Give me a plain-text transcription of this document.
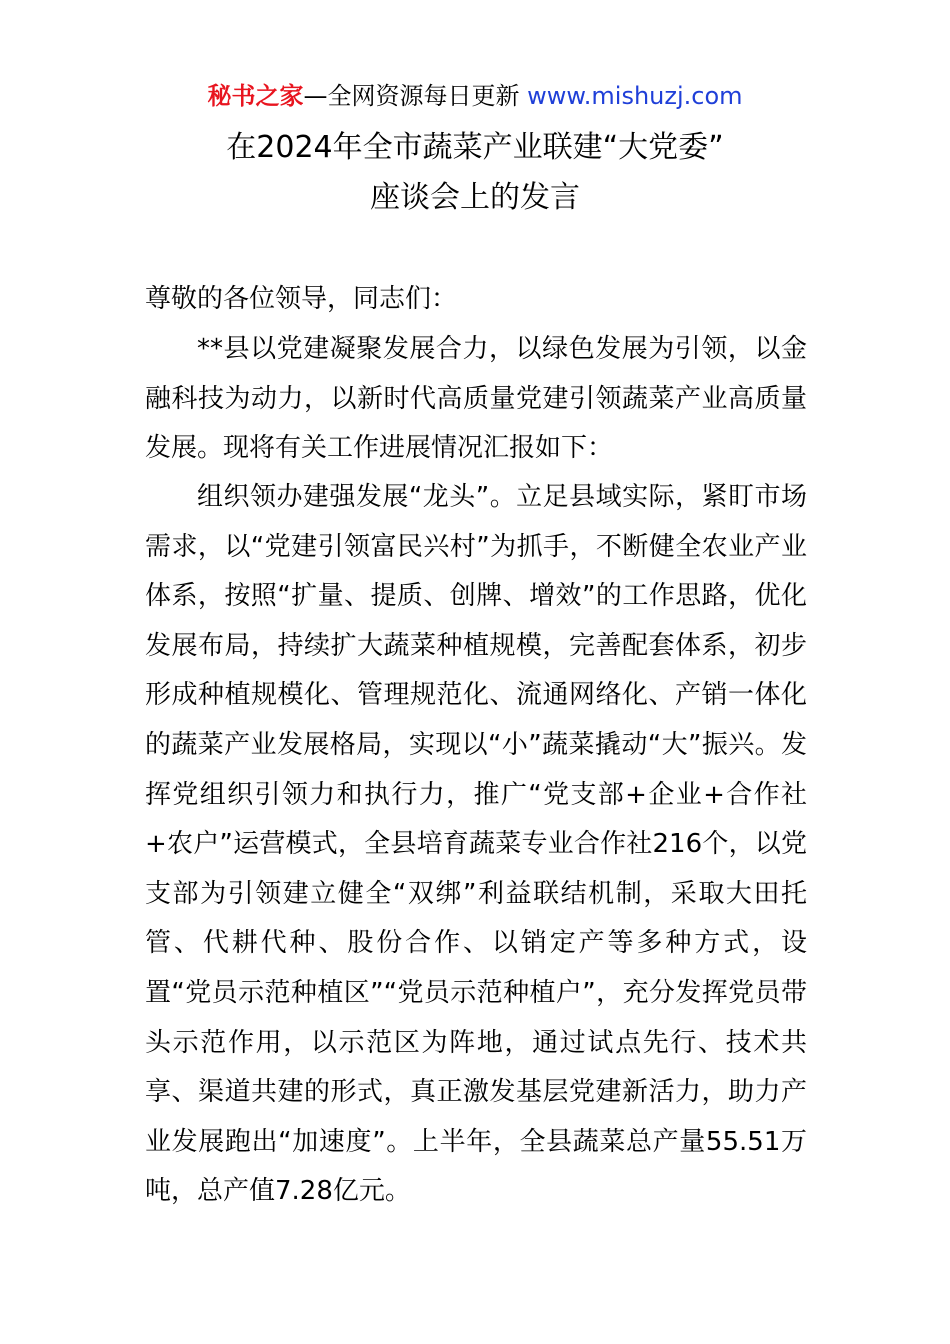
秘书之家—全网资源每日更新 www.mishuzj.com
在2024年全市蔬菜产业联建“大党委”
座谈会上的发言
尊敬的各位领导，同志们：
**县以党建凝聚发展合力，以绿色发展为引领，以金融科技为动力，以新时代高质量党建引领蔬菜产业高质量发展。现将有关工作进展情况汇报如下：
组织领办建强发展“龙头”。立足县域实际，紧盯市场需求，以“党建引领富民兴村”为抓手，不断健全农业产业体系，按照“扩量、提质、创牌、增效”的工作思路，优化发展布局，持续扩大蔬菜种植规模，完善配套体系，初步形成种植规模化、管理规范化、流通网络化、产销一体化的蔬菜产业发展格局，实现以“小”蔬菜撬动“大”振兴。发挥党组织引领力和执行力，推广“党支部+企业+合作社+农户”运营模式，全县培育蔬菜专业合作社216个，以党支部为引领建立健全“双绑”利益联结机制，采取大田托管、代耕代种、股份合作、以销定产等多种方式，设置“党员示范种植区”“党员示范种植户”，充分发挥党员带头示范作用，以示范区为阵地，通过试点先行、技术共享、渠道共建的形式，真正激发基层党建新活力，助力产业发展跑出“加速度”。上半年，全县蔬菜总产量55.51万吨，总产值7.28亿元。
